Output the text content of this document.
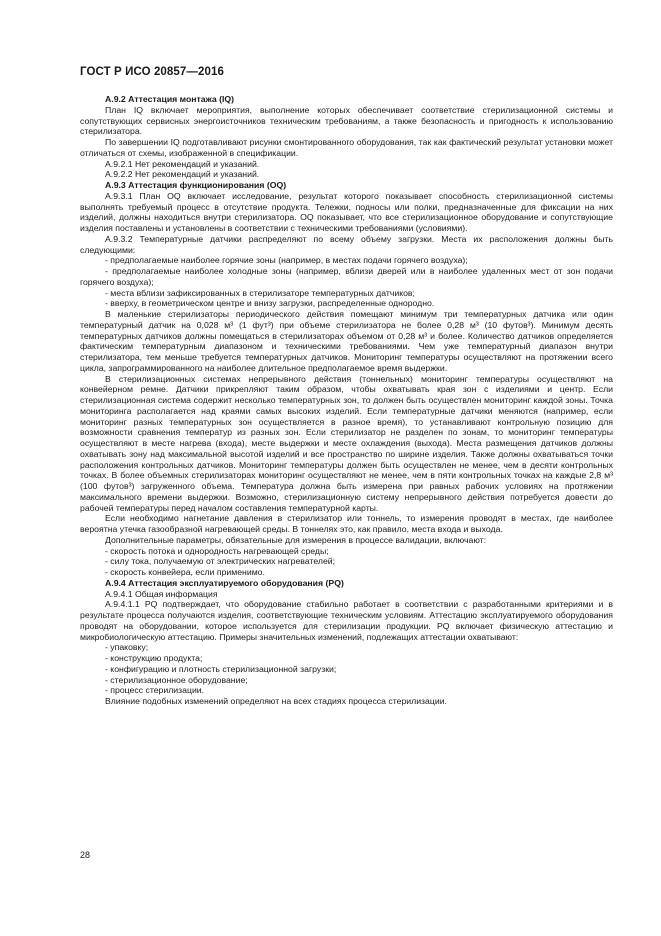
ГОСТ Р ИСО 20857—2016

А.9.2 Аттестация монтажа (IQ)

План IQ включает мероприятия, выполнение которых обеспечивает соответствие стерилизационной системы и сопутствующих сервисных энергоисточников техническим требованиям, а также безопасность и пригодность к использованию стерилизатора.

По завершении IQ подготавливают рисунки смонтированного оборудования, так как фактический результат установки может отличаться от схемы, изображенной в спецификации.

А.9.2.1 Нет рекомендаций и указаний.

А.9.2.2 Нет рекомендаций и указаний.

А.9.3 Аттестация функционирования (OQ)

А.9.3.1 План OQ включает исследование, результат которого показывает способность стерилизационной системы выполнять требуемый процесс в отсутствие продукта. Тележки, подносы или полки, предназначенные для фиксации на них изделий, должны находиться внутри стерилизатора. OQ показывает, что все стерилизационное оборудование и сопутствующие изделия поставлены и установлены в соответствии с техническими требованиями (условиями).

А.9.3.2 Температурные датчики распределяют по всему объему загрузки. Места их расположения должны быть следующими:

- предполагаемые наиболее горячие зоны (например, в местах подачи горячего воздуха);

- предполагаемые наиболее холодные зоны (например, вблизи дверей или в наиболее удаленных мест от зон подачи горячего воздуха);

- места вблизи зафиксированных в стерилизаторе температурных датчиков;

- вверху, в геометрическом центре и внизу загрузки, распределенные однородно.

В маленькие стерилизаторы периодического действия помещают минимум три температурных датчика или один температурный датчик на 0,028 м³ (1 фут³) при объеме стерилизатора не более 0,28 м³ (10 футов³). Минимум десять температурных датчиков должны помещаться в стерилизаторах объемом от 0,28 м³ и более. Количество датчиков определяется фактическим температурным диапазоном и техническими требованиями. Чем уже температурный диапазон внутри стерилизатора, тем меньше требуется температурных датчиков. Мониторинг температуры осуществляют на протяжении всего цикла, запрограммированного на наиболее длительное предполагаемое время выдержки.

В стерилизационных системах непрерывного действия (тоннельных) мониторинг температуры осуществляют на конвейерном ремне. Датчики прикрепляют таким образом, чтобы охватывать края зон с изделиями и центр. Если стерилизационная система содержит несколько температурных зон, то должен быть осуществлен мониторинг каждой зоны. Точка мониторинга располагается над краями самых высоких изделий. Если температурные датчики меняются (например, если мониторинг разных температурных зон осуществляется в разное время), то устанавливают контрольную позицию для возможности сравнения температур из разных зон. Если стерилизатор не разделен по зонам, то мониторинг температуры осуществляют в месте нагрева (входа), месте выдержки и месте охлаждения (выхода). Места размещения датчиков должны охватывать зону над максимальной высотой изделий и все пространство по ширине изделия. Также должны охватываться точки расположения контрольных датчиков. Мониторинг температуры должен быть осуществлен не менее, чем в десяти контрольных точках. В более объемных стерилизаторах мониторинг осуществляют не менее, чем в пяти контрольных точках на каждые 2,8 м³ (100 футов³) загруженного объема. Температура должна быть измерена при равных рабочих условиях на протяжении максимального времени выдержки. Возможно, стерилизационную систему непрерывного действия потребуется довести до рабочей температуры перед началом составления температурной карты.

Если необходимо нагнетание давления в стерилизатор или тоннель, то измерения проводят в местах, где наиболее вероятна утечка газообразной нагревающей среды. В тоннелях это, как правило, места входа и выхода.

Дополнительные параметры, обязательные для измерения в процессе валидации, включают:

- скорость потока и однородность нагревающей среды;

- силу тока, получаемую от электрических нагревателей;

- скорость конвейера, если применимо.

А.9.4 Аттестация эксплуатируемого оборудования (PQ)

А.9.4.1 Общая информация

А.9.4.1.1 PQ подтверждает, что оборудование стабильно работает в соответствии с разработанными критериями и в результате процесса получаются изделия, соответствующие техническим условиям. Аттестацию эксплуатируемого оборудования проводят на оборудовании, которое используется для стерилизации продукции. PQ включает физическую аттестацию и микробиологическую аттестацию. Примеры значительных изменений, подлежащих аттестации охватывают:

- упаковку;

- конструкцию продукта;

- конфигурацию и плотность стерилизационной загрузки;

- стерилизационное оборудование;

- процесс стерилизации.

Влияние подобных изменений определяют на всех стадиях процесса стерилизации.

28
